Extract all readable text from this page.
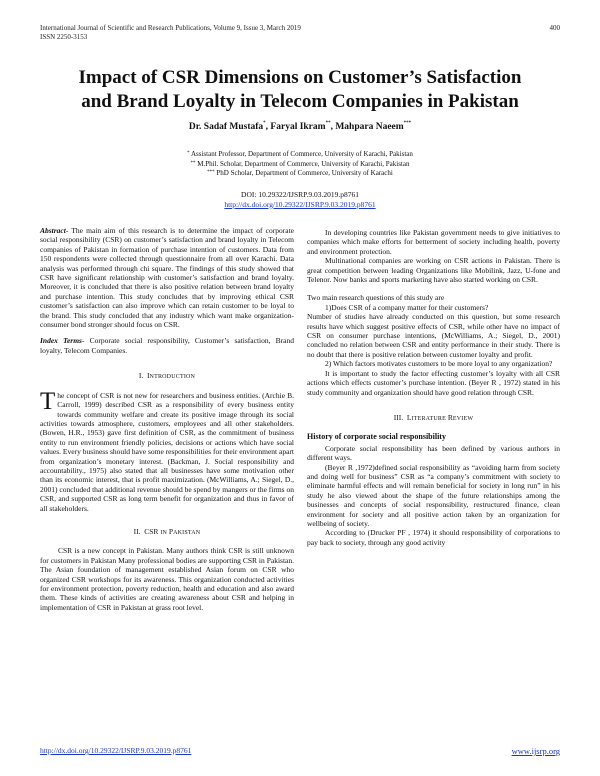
International Journal of Scientific and Research Publications, Volume 9, Issue 3, March 2019
ISSN 2250-3153
400
Impact of CSR Dimensions on Customer’s Satisfaction
and Brand Loyalty in Telecom Companies in Pakistan
Dr. Sadaf Mustafa*, Faryal Ikram**, Mahpara Naeem***
* Assistant Professor, Department of Commerce, University of Karachi, Pakistan
** M.Phil. Scholar, Department of Commerce, University of Karachi, Pakistan
*** PhD Scholar, Department of Commerce, University of Karachi
DOI: 10.29322/IJSRP.9.03.2019.p8761
http://dx.doi.org/10.29322/IJSRP.9.03.2019.p8761

Abstract- The main aim of this research is to determine the impact of corporate social responsibility (CSR) on customer’s satisfaction and brand loyalty in Telecom companies of Pakistan in formation of purchase intention of customers. Data from 150 respondents were collected through questionnaire from all over Karachi. Data analysis was performed through chi square. The findings of this study showed that CSR have significant relationship with customer’s satisfaction and brand loyalty. Moreover, it is concluded that there is also positive relation between brand loyalty and purchase intention. This study concludes that by improving ethical CSR customer’s satisfaction can also improve which can retain customer to be loyal to the brand. This study concluded that any industry which want make organization-consumer bond stronger should focus on CSR.

Index Terms- Corporate social responsibility, Customer’s satisfaction, Brand loyalty, Telecom Companies.

I. INTRODUCTION

The concept of CSR is not new for researchers and business entities. (Archie B. Carroll, 1999) described CSR as a responsibility of every business entity towards community welfare and create its positive image through its social activities towards atmosphere, customers, employees and all other stakeholders. (Bowen, H.R., 1953) gave first definition of CSR, as the commitment of business entity to run environment friendly policies, decisions or actions which have social values. Every business should have some responsibilities for their environment apart from organization’s monetary interest. (Backman, J. Social responsibility and accountability., 1975) also stated that all businesses have some motivation other than its economic interest, that is profit maximization. (McWilliams, A.; Siegel, D., 2001) concluded that additional revenue should be spend by mangers or the firms on CSR, and supported CSR as long term benefit for organization and thus in favor of all stakeholders.

II. CSR IN PAKISTAN

CSR is a new concept in Pakistan. Many authors think CSR is still unknown for customers in Pakistan Many professional bodies are supporting CSR in Pakistan. The Asian foundation of management established Asian forum on CSR who organized CSR workshops for its awareness. This organization conducted activities for environment protection, poverty reduction, health and education and also award them. These kinds of activities are creating awareness about CSR and helping in implementation of CSR in Pakistan at grass root level.

In developing countries like Pakistan government needs to give initiatives to companies which make efforts for betterment of society including health, poverty and environment protection.

Multinational companies are working on CSR actions in Pakistan. There is great competition between leading Organizations like Mobilink, Jazz, U-fone and Telenor. Now banks and sports marketing have also started working on CSR.

Two main research questions of this study are

1)Does CSR of a company matter for their customers?

Number of studies have already conducted on this question, but some research results have which suggest positive effects of CSR, while other have no impact of CSR on consumer purchase intentions, (McWilliams, A.; Siegel, D., 2001) concluded no relation between CSR and entity performance in their study. There is no doubt that there is positive relation between customer loyalty and profit.

2) Which factors motivates customers to be more loyal to any organization?

It is important to study the factor effecting customer’s loyalty with all CSR actions which effects customer’s purchase intention. (Beyer R , 1972) stated in his study community and organization should have good relation through CSR.

III. LITERATURE REVIEW
History of corporate social responsibility

Corporate social responsibility has been defined by various authors in different ways.

(Beyer R ,1972)defined social responsibility as “avoiding harm from society and doing well for business” CSR as “a company’s commitment with society to eliminate harmful effects and will remain beneficial for society in long run” in his study he also viewed about the shape of the future relationships among the businesses and concepts of social responsibility, restructured finance, clean environment for society and all positive action taken by an organization for wellbeing of society.

According to (Drucker PF , 1974) it should responsibility of corporations to pay back to society, through any good activity

http://dx.doi.org/10.29322/IJSRP.9.03.2019.p8761	www.ijsrp.org
